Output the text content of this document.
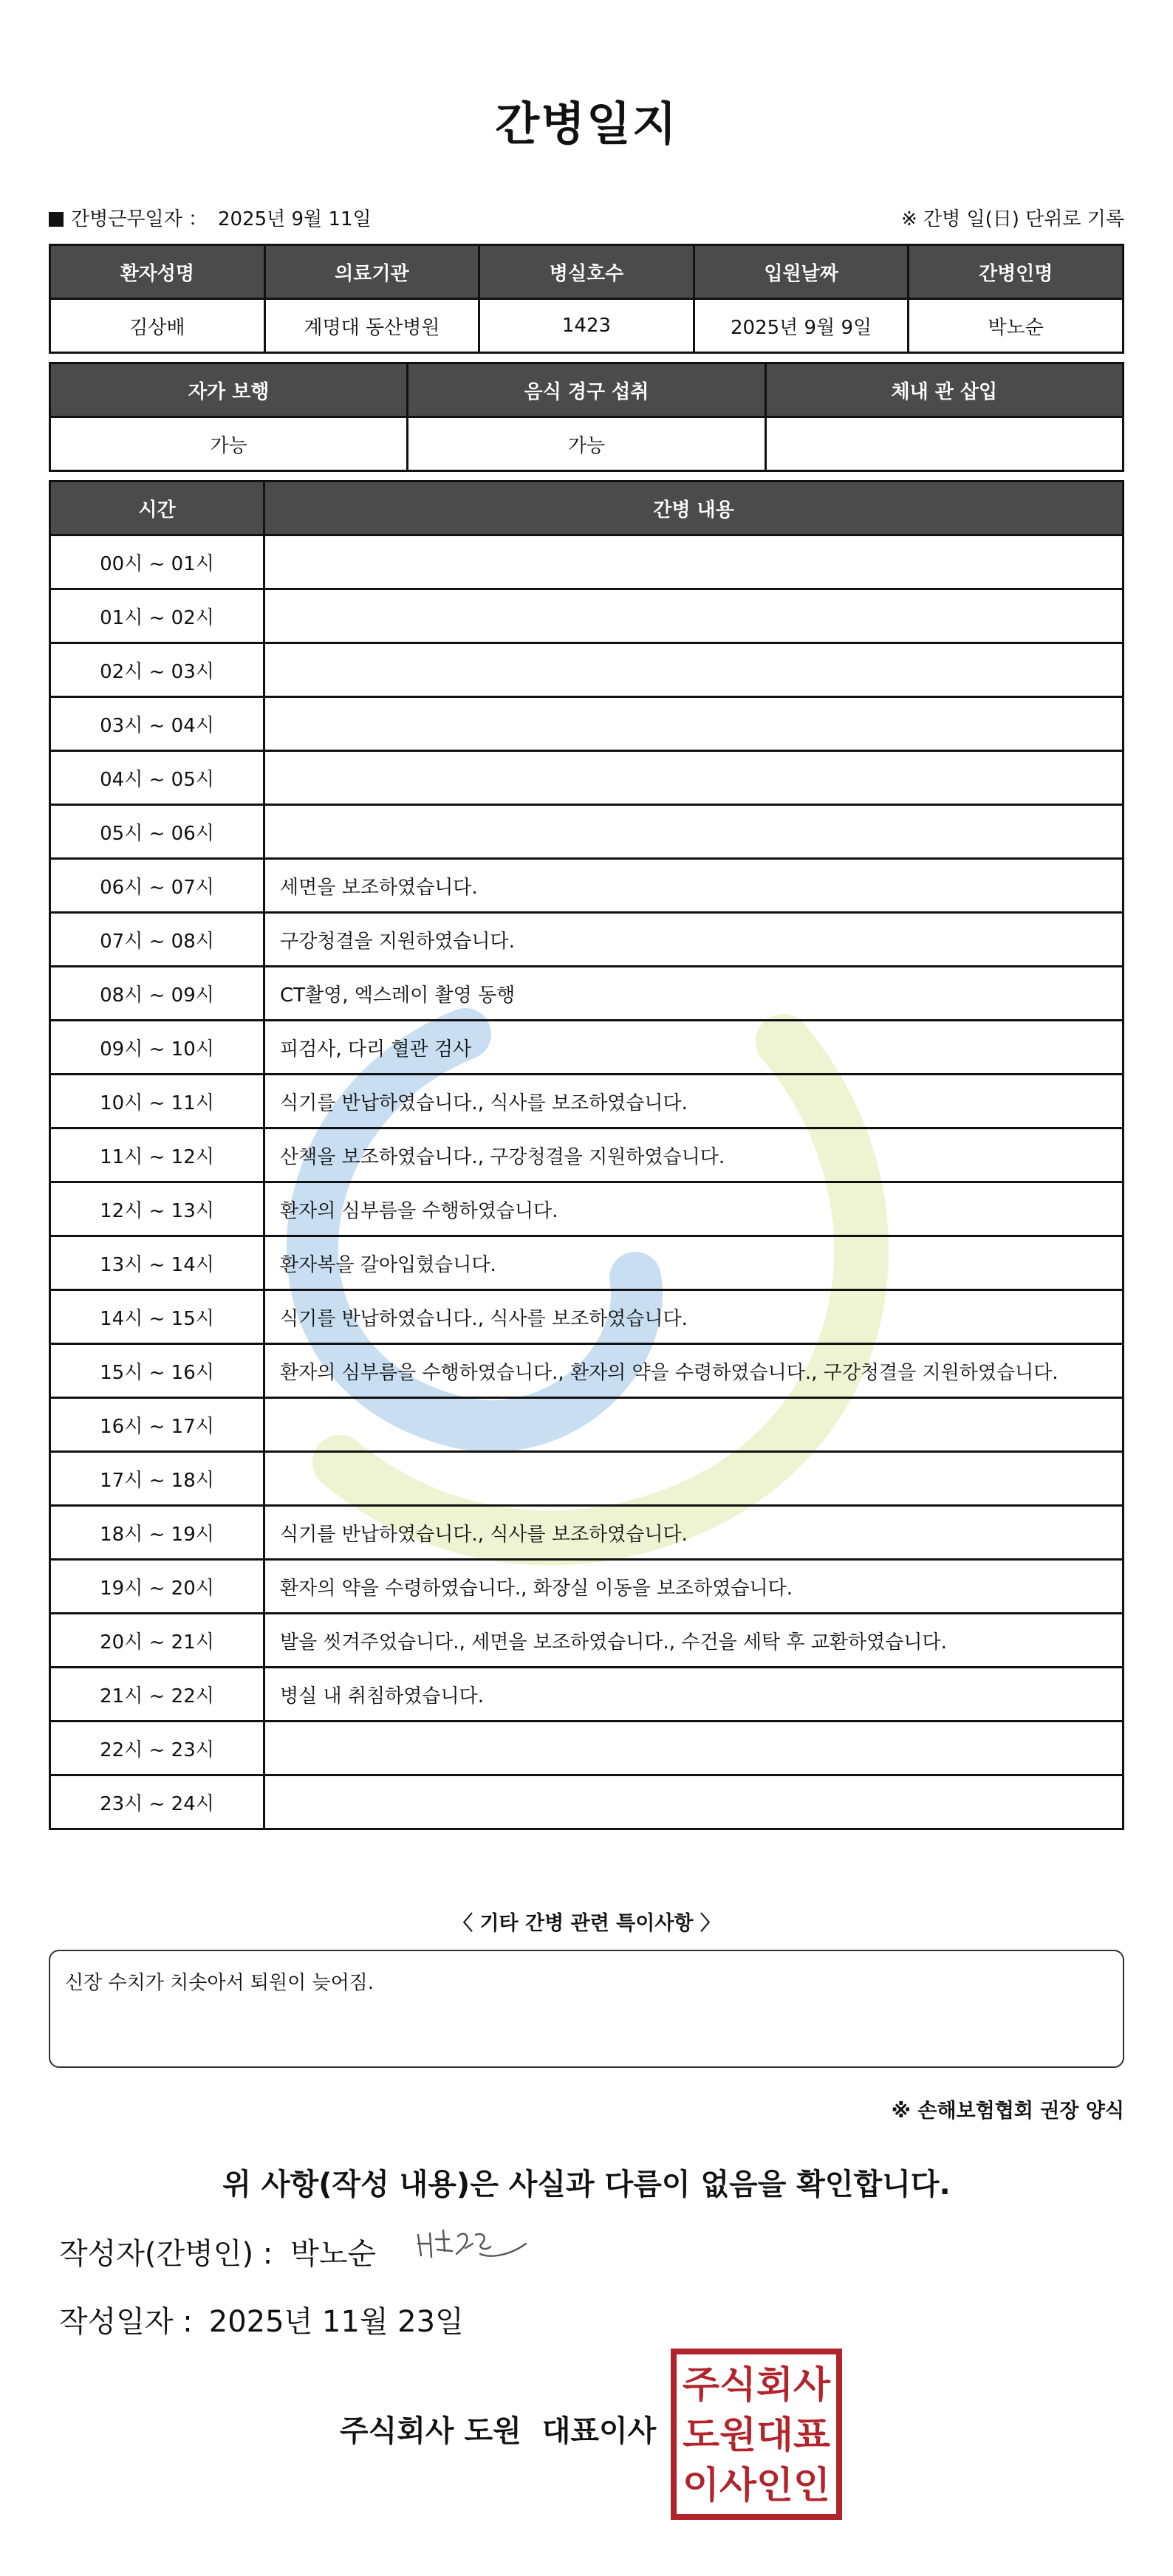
간병일지
간병근무일자 ： 2025년 9월 11일	※ 간병 일(日) 단위로 기록
환자성명	의료기관	병실호수	입원날짜	간병인명
김상배	계명대 동산병원	1423	2025년 9월 9일	박노순
자가 보행	음식 경구 섭취	체내 관 삽입
가능	가능	
시간	간병 내용
00시 ~ 01시	
01시 ~ 02시	
02시 ~ 03시	
03시 ~ 04시	
04시 ~ 05시	
05시 ~ 06시	
06시 ~ 07시	세면을 보조하였습니다.
07시 ~ 08시	구강청결을 지원하였습니다.
08시 ~ 09시	CT촬영, 엑스레이 촬영 동행
09시 ~ 10시	피검사, 다리 혈관 검사
10시 ~ 11시	식기를 반납하였습니다., 식사를 보조하였습니다.
11시 ~ 12시	산책을 보조하였습니다., 구강청결을 지원하였습니다.
12시 ~ 13시	환자의 심부름을 수행하였습니다.
13시 ~ 14시	환자복을 갈아입혔습니다.
14시 ~ 15시	식기를 반납하였습니다., 식사를 보조하였습니다.
15시 ~ 16시	환자의 심부름을 수행하였습니다., 환자의 약을 수령하였습니다., 구강청결을 지원하였습니다.
16시 ~ 17시	
17시 ~ 18시	
18시 ~ 19시	식기를 반납하였습니다., 식사를 보조하였습니다.
19시 ~ 20시	환자의 약을 수령하였습니다., 화장실 이동을 보조하였습니다.
20시 ~ 21시	발을 씻겨주었습니다., 세면을 보조하였습니다., 수건을 세탁 후 교환하였습니다.
21시 ~ 22시	병실 내 취침하였습니다.
22시 ~ 23시	
23시 ~ 24시	
〈 기타 간병 관련 특이사항 〉
신장 수치가 치솟아서 퇴원이 늦어짐.
※ 손해보험협회 권장 양식
위 사항(작성 내용)은 사실과 다름이 없음을 확인합니다.
작성자(간병인) : 박노순
작성일자 : 2025년 11월 23일
주식회사 도원 대표이사
주식회사
도원대표
이사인인
